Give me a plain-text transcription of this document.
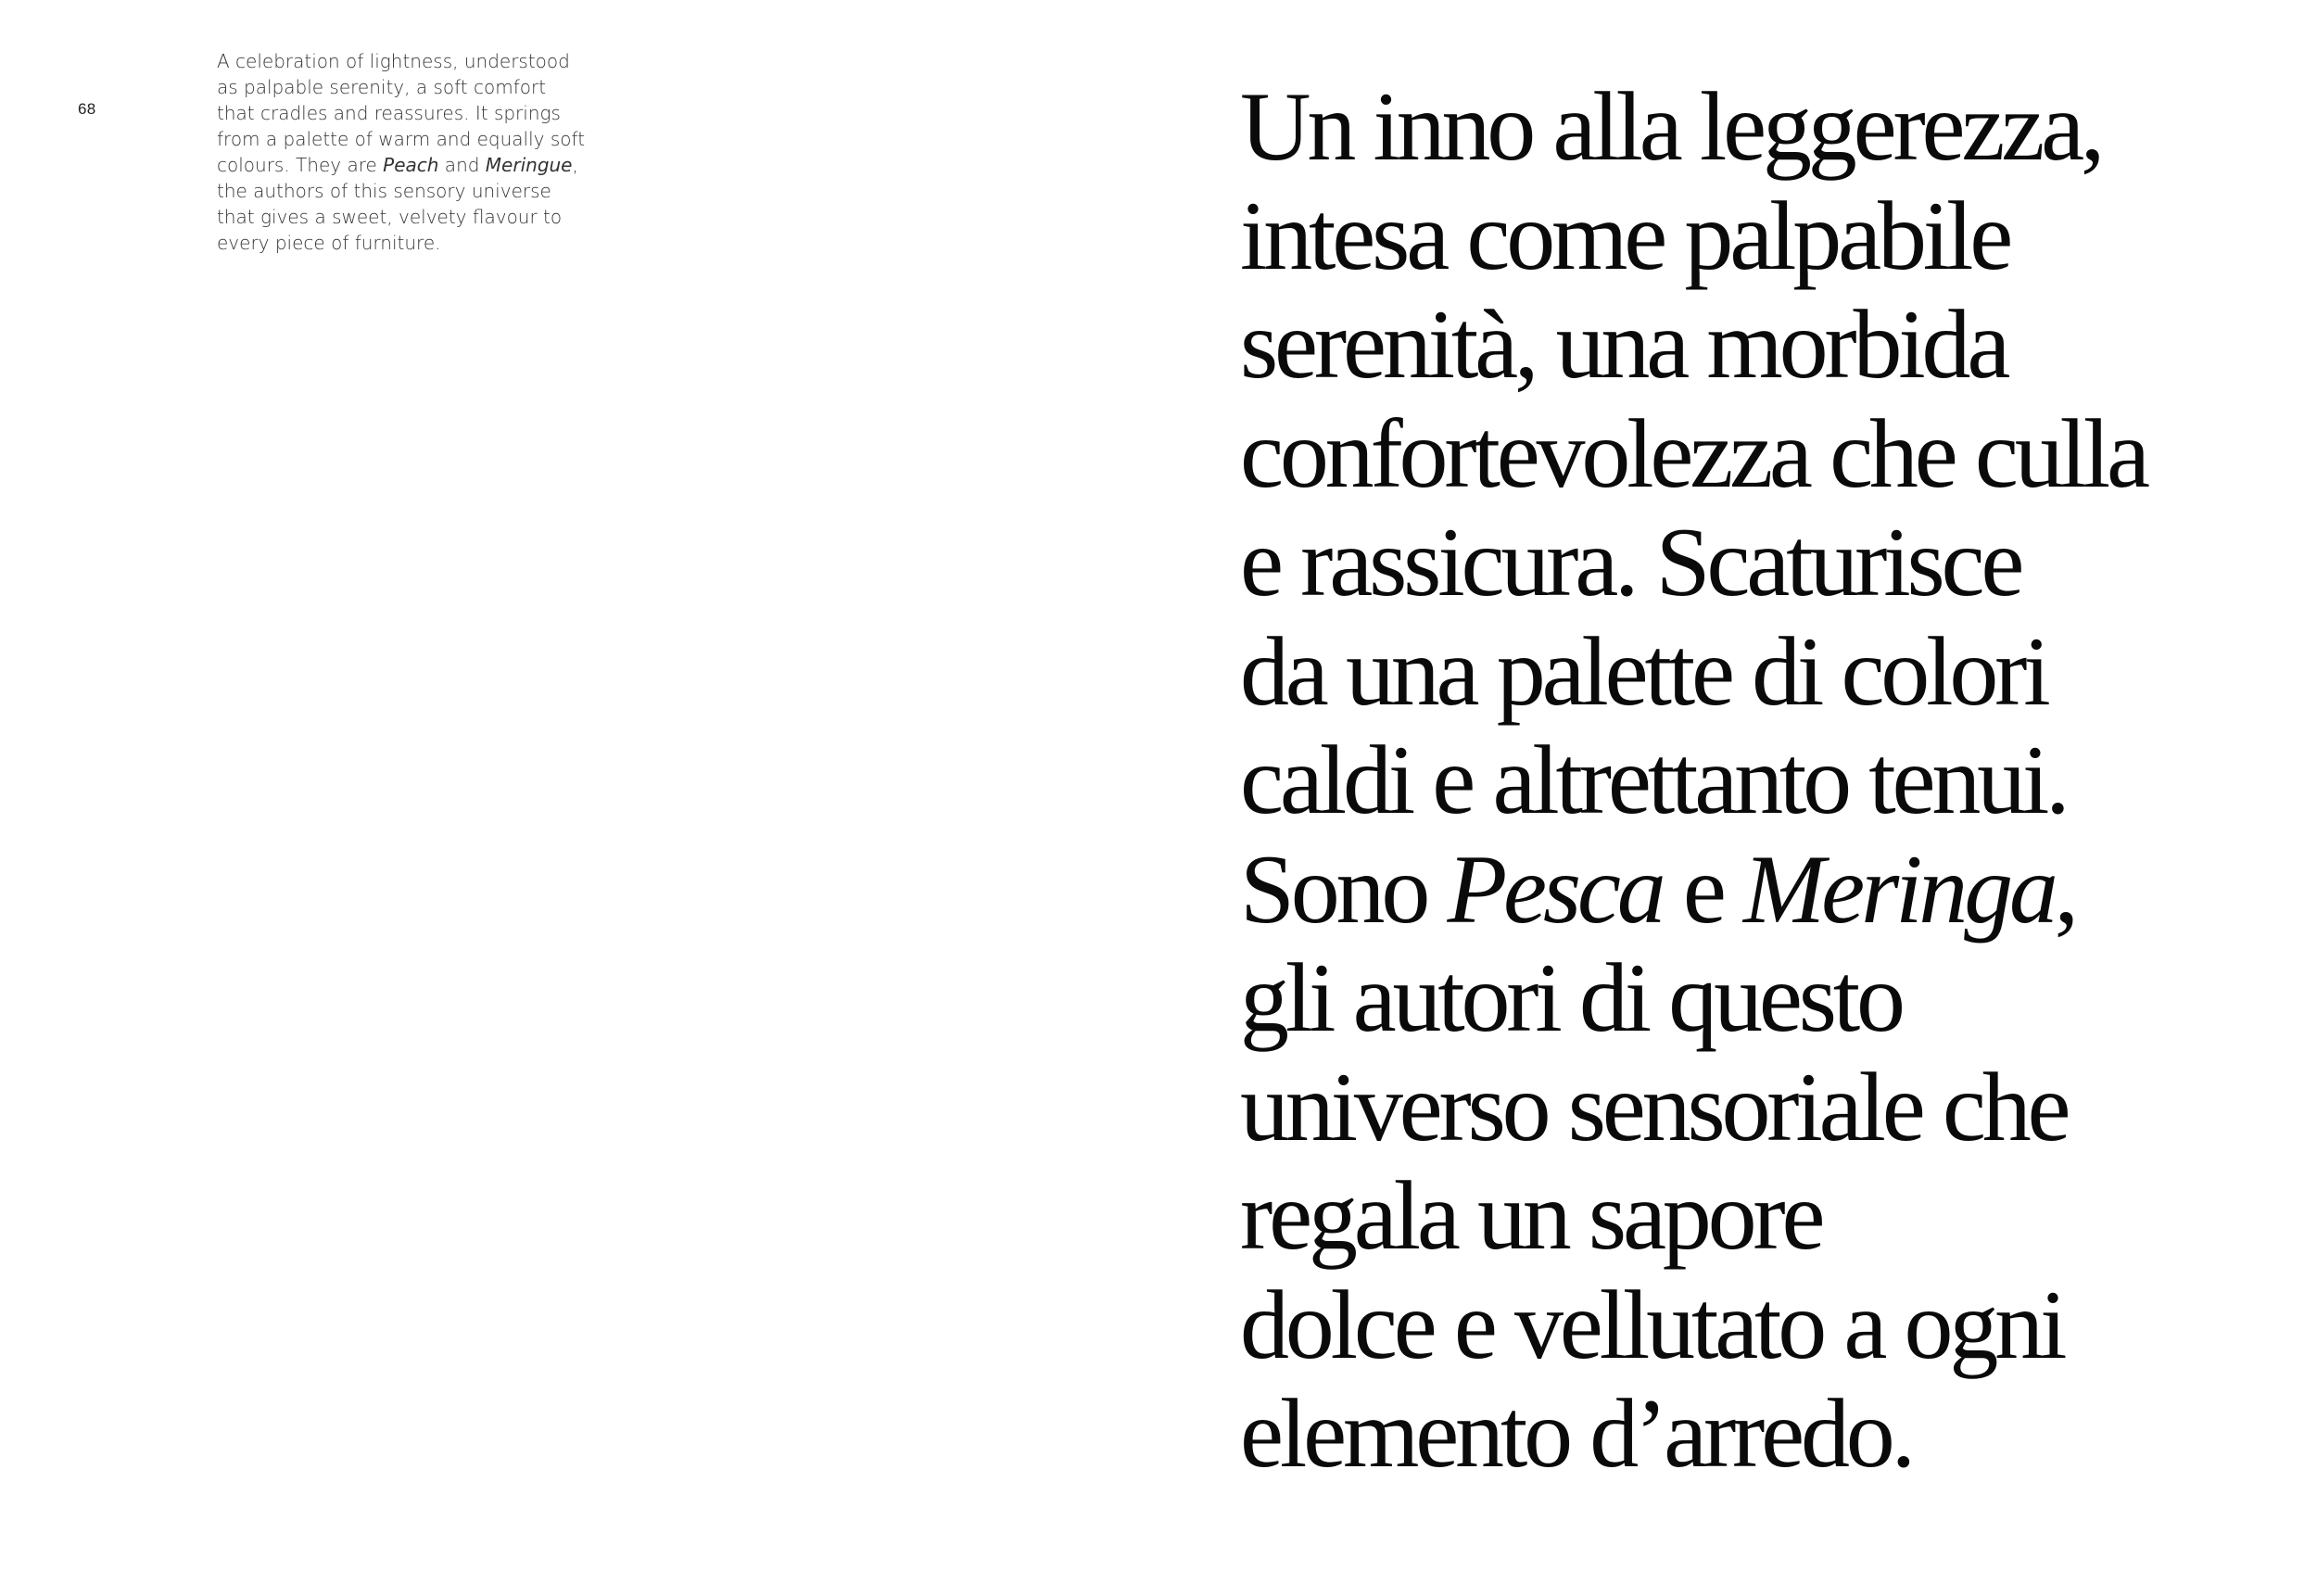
68
A celebration of lightness, understood
as palpable serenity, a soft comfort
that cradles and reassures. It springs
from a palette of warm and equally soft
colours. They are Peach and Meringue,
the authors of this sensory universe
that gives a sweet, velvety flavour to
every piece of furniture.
Un inno alla leggerezza,
intesa come palpabile
serenità, una morbida
confortevolezza che culla
e rassicura. Scaturisce
da una palette di colori
caldi e altrettanto tenui.
Sono Pesca e Meringa,
gli autori di questo
universo sensoriale che
regala un sapore
dolce e vellutato a ogni
elemento d’arredo.
